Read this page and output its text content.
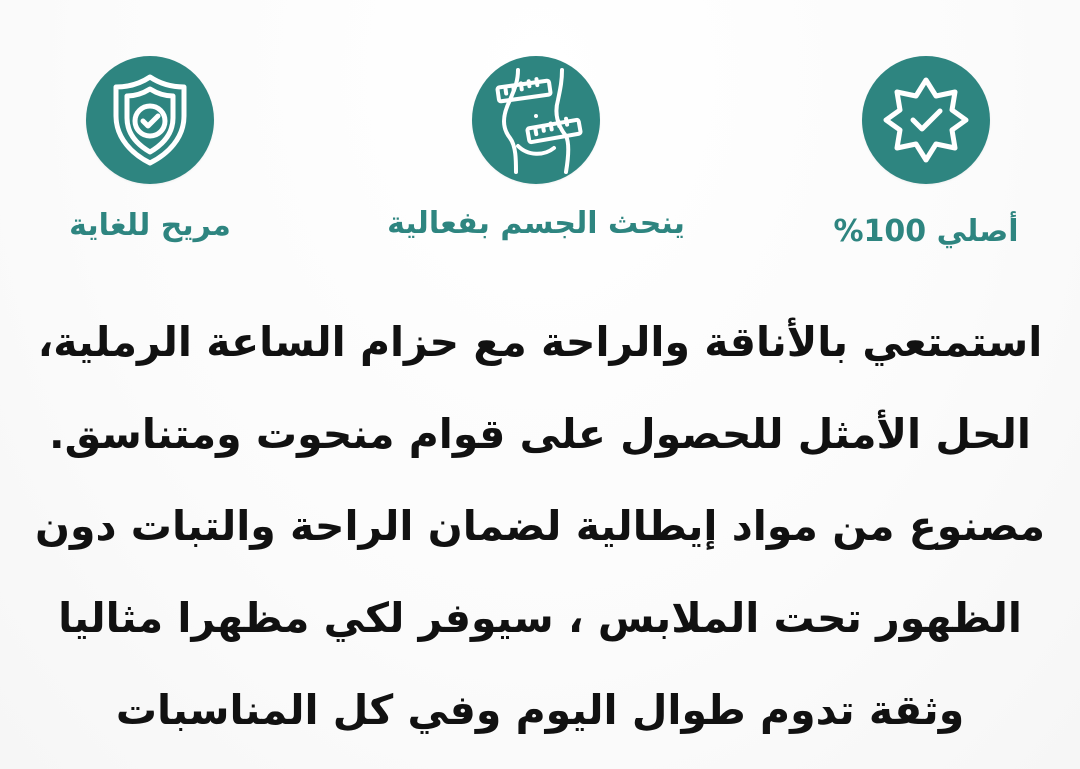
مريح للغاية	ينحث الجسم بفعالية	أصلي 100%
استمتعي بالأناقة والراحة مع حزام الساعة الرملية،
الحل الأمثل للحصول على قوام منحوت ومتناسق.
مصنوع من مواد إيطالية لضمان الراحة والتبات دون
الظهور تحت الملابس ، سيوفر لكي مظهرا مثاليا
وثقة تدوم طوال اليوم وفي كل المناسبات
